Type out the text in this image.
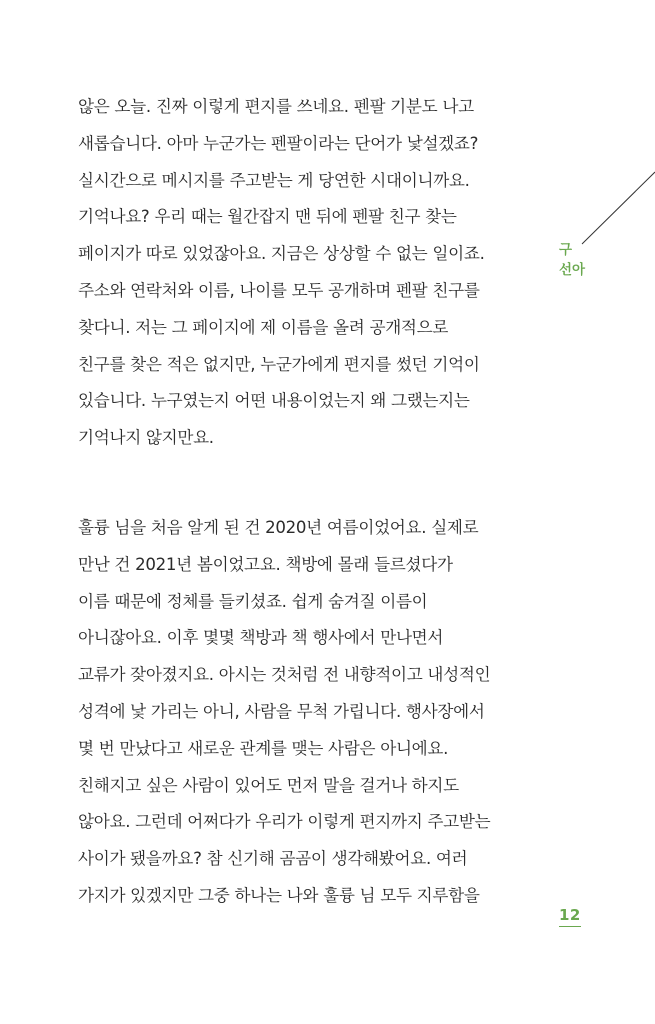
않은 오늘. 진짜 이렇게 편지를 쓰네요. 펜팔 기분도 나고
새롭습니다. 아마 누군가는 펜팔이라는 단어가 낯설겠죠?
실시간으로 메시지를 주고받는 게 당연한 시대이니까요.
기억나요? 우리 때는 월간잡지 맨 뒤에 펜팔 친구 찾는
페이지가 따로 있었잖아요. 지금은 상상할 수 없는 일이죠.
주소와 연락처와 이름, 나이를 모두 공개하며 펜팔 친구를
찾다니. 저는 그 페이지에 제 이름을 올려 공개적으로
친구를 찾은 적은 없지만, 누군가에게 편지를 썼던 기억이
있습니다. 누구였는지 어떤 내용이었는지 왜 그랬는지는
기억나지 않지만요.
훌륭 님을 처음 알게 된 건 2020년 여름이었어요. 실제로
만난 건 2021년 봄이었고요. 책방에 몰래 들르셨다가
이름 때문에 정체를 들키셨죠. 쉽게 숨겨질 이름이
아니잖아요. 이후 몇몇 책방과 책 행사에서 만나면서
교류가 잦아졌지요. 아시는 것처럼 전 내향적이고 내성적인
성격에 낯 가리는 아니, 사람을 무척 가립니다. 행사장에서
몇 번 만났다고 새로운 관계를 맺는 사람은 아니에요.
친해지고 싶은 사람이 있어도 먼저 말을 걸거나 하지도
않아요. 그런데 어쩌다가 우리가 이렇게 편지까지 주고받는
사이가 됐을까요? 참 신기해 곰곰이 생각해봤어요. 여러
가지가 있겠지만 그중 하나는 나와 훌륭 님 모두 지루함을
구
선아
12
